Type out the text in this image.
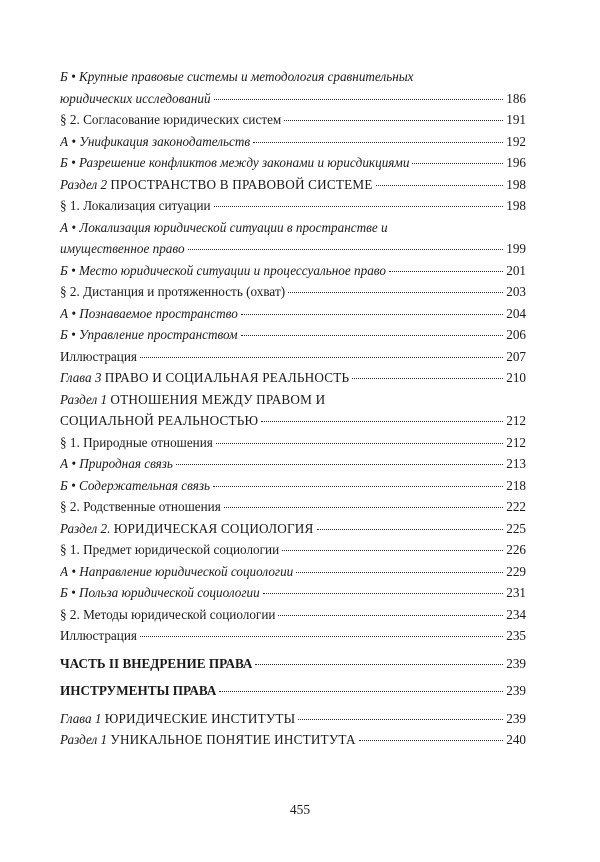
Б • Крупные правовые системы и методология сравнительных
юридических исследований	186
§ 2. Согласование юридических систем	191
А • Унификация законодательств	192
Б • Разрешение конфликтов между законами и юрисдикциями	196
Раздел 2 ПРОСТРАНСТВО В ПРАВОВОЙ СИСТЕМЕ	198
§ 1. Локализация ситуации	198
А • Локализация юридической ситуации в пространстве и
имущественное право	199
Б • Место юридической ситуации и процессуальное право	201
§ 2. Дистанция и протяженность (охват)	203
А • Познаваемое пространство	204
Б • Управление пространством	206
Иллюстрация	207
Глава 3 ПРАВО И СОЦИАЛЬНАЯ РЕАЛЬНОСТЬ	210
Раздел 1 ОТНОШЕНИЯ МЕЖДУ ПРАВОМ И
СОЦИАЛЬНОЙ РЕАЛЬНОСТЬЮ	212
§ 1. Природные отношения	212
А • Природная связь	213
Б • Содержательная связь	218
§ 2. Родственные отношения	222
Раздел 2. ЮРИДИЧЕСКАЯ СОЦИОЛОГИЯ	225
§ 1. Предмет юридической социологии	226
А • Направление юридической социологии	229
Б • Польза юридической социологии	231
§ 2. Методы юридической социологии	234
Иллюстрация	235
ЧАСТЬ II ВНЕДРЕНИЕ ПРАВА	239
ИНСТРУМЕНТЫ ПРАВА	239
Глава 1 ЮРИДИЧЕСКИЕ ИНСТИТУТЫ	239
Раздел 1 УНИКАЛЬНОЕ ПОНЯТИЕ ИНСТИТУТА	240
455
